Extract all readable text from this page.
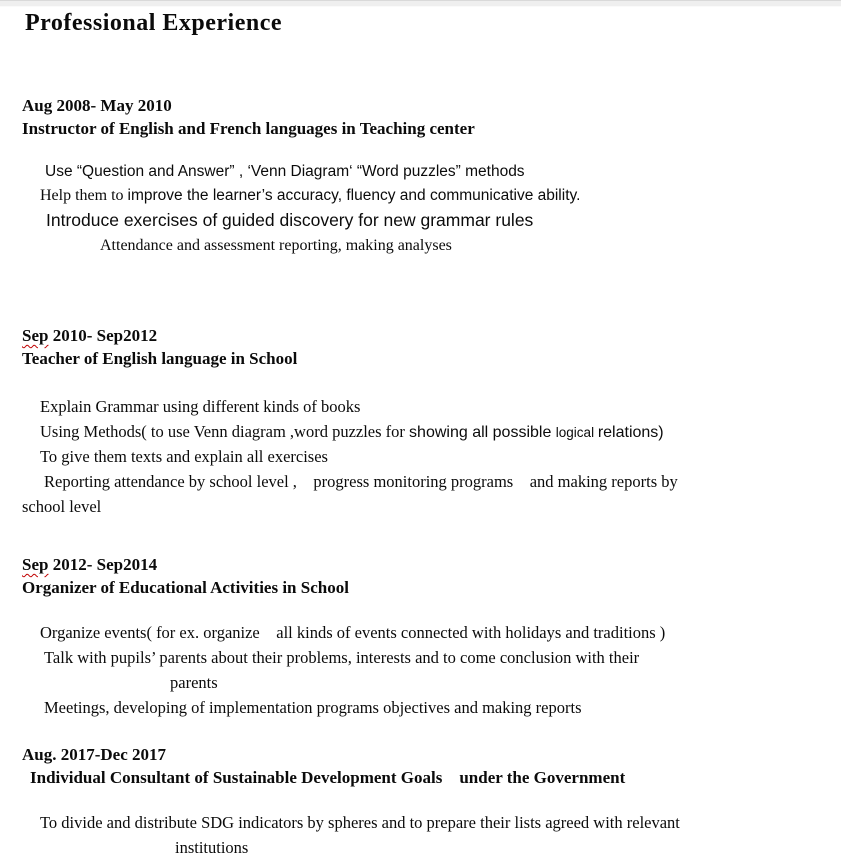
Professional Experience
Aug 2008- May 2010
Instructor of English and French languages in Teaching center
Use “Question and Answer” , ‘Venn Diagram‘ “Word puzzles” methods
Help them to improve the learner’s accuracy, fluency and communicative ability.
Introduce exercises of guided discovery for new grammar rules
Attendance and assessment reporting, making analyses
Sep 2010- Sep2012
Teacher of English language in School
Explain Grammar using different kinds of books
Using Methods( to use Venn diagram ,word puzzles for showing all possible logical relations)
To give them texts and explain all exercises
Reporting attendance by school level ,    progress monitoring programs    and making reports by
school level
Sep 2012- Sep2014
Organizer of Educational Activities in School
Organize events( for ex. organize    all kinds of events connected with holidays and traditions )
Talk with pupils’ parents about their problems, interests and to come conclusion with their
parents
Meetings, developing of implementation programs objectives and making reports
Aug. 2017-Dec 2017
Individual Consultant of Sustainable Development Goals    under the Government
To divide and distribute SDG indicators by spheres and to prepare their lists agreed with relevant
institutions
